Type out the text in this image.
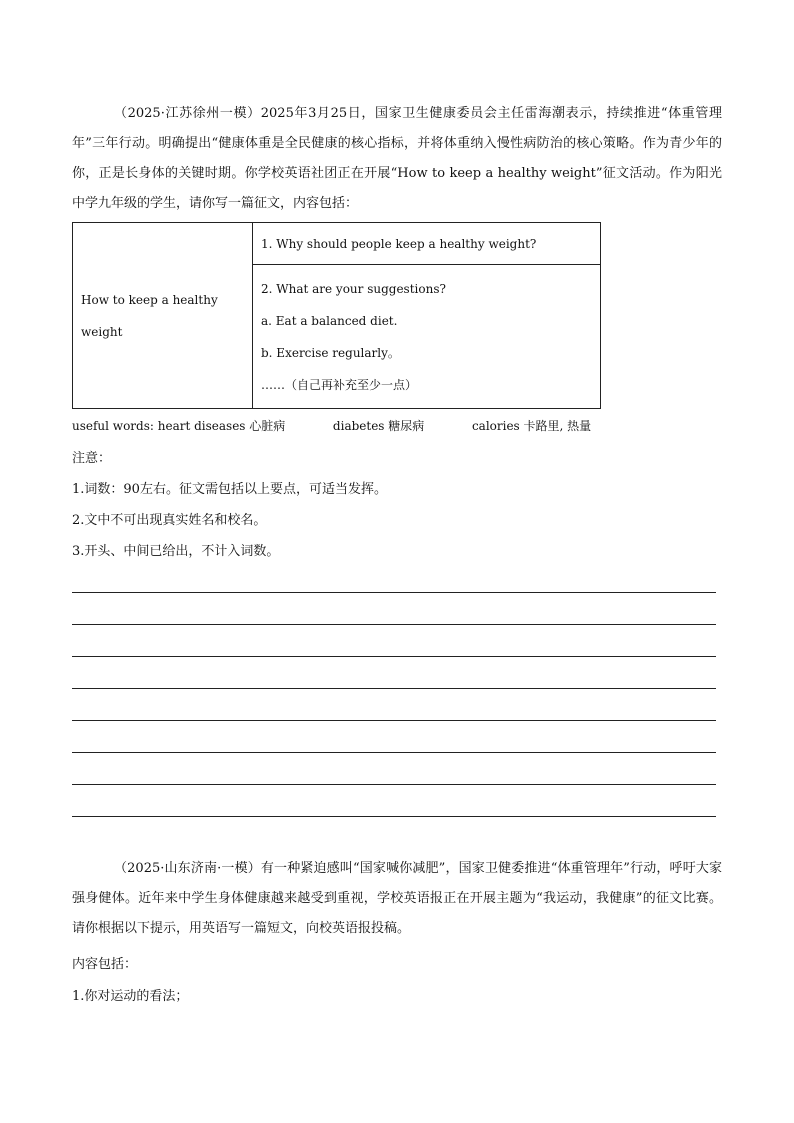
（2025·江苏徐州一模）2025年3月25日，国家卫生健康委员会主任雷海潮表示，持续推进“体重管理年”三年行动。明确提出“健康体重是全民健康的核心指标，并将体重纳入慢性病防治的核心策略。作为青少年的你，正是长身体的关键时期。你学校英语社团正在开展“How to keep a healthy weight”征文活动。作为阳光中学九年级的学生，请你写一篇征文，内容包括：

How to keep a healthy
weight
	1. Why should people keep a healthy weight?

2. What are your suggestions?
a. Eat a balanced diet.
b. Exercise regularly。
……（自己再补充至少一点）
useful words: heart diseases 心脏病	diabetes 糖尿病	calories 卡路里, 热量

注意：

1.词数：90左右。征文需包括以上要点，可适当发挥。

2.文中不可出现真实姓名和校名。

3.开头、中间已给出，不计入词数。

（2025·山东济南·一模）有一种紧迫感叫“国家喊你减肥”，国家卫健委推进“体重管理年”行动，呼吁大家强身健体。近年来中学生身体健康越来越受到重视，学校英语报正在开展主题为“我运动，我健康”的征文比赛。请你根据以下提示，用英语写一篇短文，向校英语报投稿。

内容包括：

1.你对运动的看法；
